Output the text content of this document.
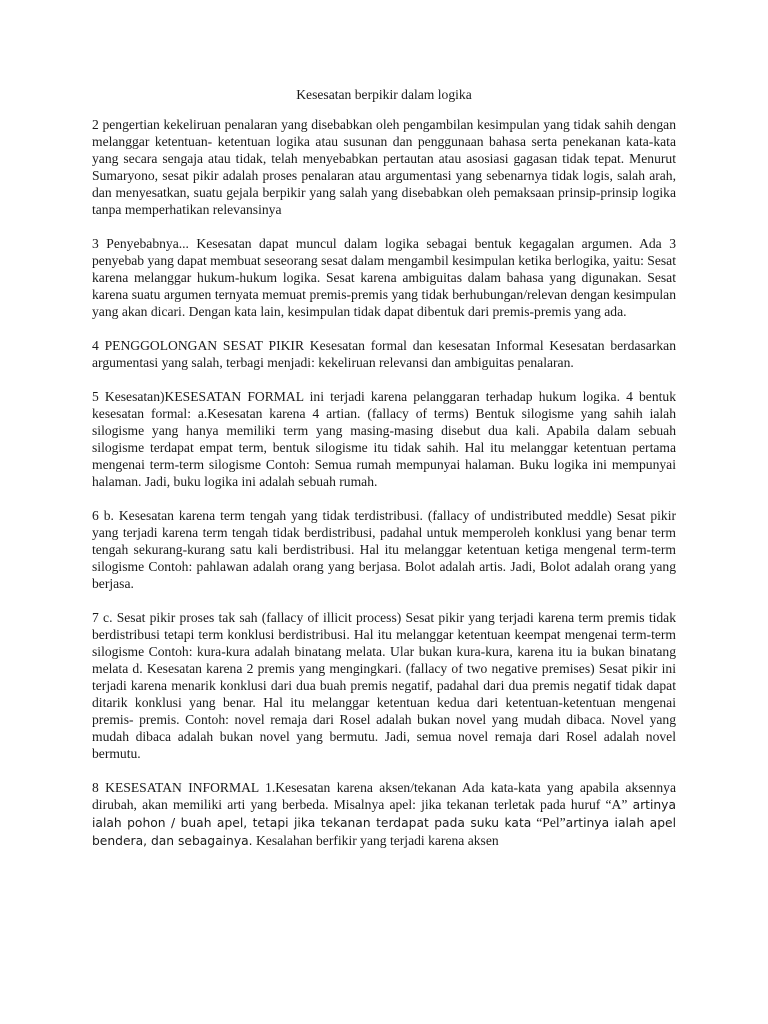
Kesesatan berpikir dalam logika

2 pengertian kekeliruan penalaran yang disebabkan oleh pengambilan kesimpulan yang tidak sahih dengan melanggar ketentuan- ketentuan logika atau susunan dan penggunaan bahasa serta penekanan kata-kata yang secara sengaja atau tidak, telah menyebabkan pertautan atau asosiasi gagasan tidak tepat. Menurut Sumaryono, sesat pikir adalah proses penalaran atau argumentasi yang sebenarnya tidak logis, salah arah, dan menyesatkan, suatu gejala berpikir yang salah yang disebabkan oleh pemaksaan prinsip-prinsip logika tanpa memperhatikan relevansinya

3 Penyebabnya... Kesesatan dapat muncul dalam logika sebagai bentuk kegagalan argumen. Ada 3 penyebab yang dapat membuat seseorang sesat dalam mengambil kesimpulan ketika berlogika, yaitu: Sesat karena melanggar hukum-hukum logika. Sesat karena ambiguitas dalam bahasa yang digunakan. Sesat karena suatu argumen ternyata memuat premis-premis yang tidak berhubungan/relevan dengan kesimpulan yang akan dicari. Dengan kata lain, kesimpulan tidak dapat dibentuk dari premis-premis yang ada.

4 PENGGOLONGAN SESAT PIKIR Kesesatan formal dan kesesatan Informal Kesesatan berdasarkan argumentasi yang salah, terbagi menjadi: kekeliruan relevansi dan ambiguitas penalaran.

5 Kesesatan)KESESATAN FORMAL ini terjadi karena pelanggaran terhadap hukum logika. 4 bentuk kesesatan formal: a.Kesesatan karena 4 artian. (fallacy of terms) Bentuk silogisme yang sahih ialah silogisme yang hanya memiliki term yang masing-masing disebut dua kali. Apabila dalam sebuah silogisme terdapat empat term, bentuk silogisme itu tidak sahih. Hal itu melanggar ketentuan pertama mengenai term-term silogisme Contoh: Semua rumah mempunyai halaman. Buku logika ini mempunyai halaman. Jadi, buku logika ini adalah sebuah rumah.

6 b. Kesesatan karena term tengah yang tidak terdistribusi. (fallacy of undistributed meddle) Sesat pikir yang terjadi karena term tengah tidak berdistribusi, padahal untuk memperoleh konklusi yang benar term tengah sekurang-kurang satu kali berdistribusi. Hal itu melanggar ketentuan ketiga mengenal term-term silogisme Contoh: pahlawan adalah orang yang berjasa. Bolot adalah artis. Jadi, Bolot adalah orang yang berjasa.

7 c. Sesat pikir proses tak sah (fallacy of illicit process) Sesat pikir yang terjadi karena term premis tidak berdistribusi tetapi term konklusi berdistribusi. Hal itu melanggar ketentuan keempat mengenai term-term silogisme Contoh: kura-kura adalah binatang melata. Ular bukan kura-kura, karena itu ia bukan binatang melata d. Kesesatan karena 2 premis yang mengingkari. (fallacy of two negative premises) Sesat pikir ini terjadi karena menarik konklusi dari dua buah premis negatif, padahal dari dua premis negatif tidak dapat ditarik konklusi yang benar. Hal itu melanggar ketentuan kedua dari ketentuan-ketentuan mengenai premis- premis. Contoh: novel remaja dari Rosel adalah bukan novel yang mudah dibaca. Novel yang mudah dibaca adalah bukan novel yang bermutu. Jadi, semua novel remaja dari Rosel adalah novel bermutu.

8 KESESATAN INFORMAL 1.Kesesatan karena aksen/tekanan Ada kata-kata yang apabila aksennya dirubah, akan memiliki arti yang berbeda. Misalnya apel: jika tekanan terletak pada huruf “A” artinya ialah pohon / buah apel, tetapi jika tekanan terdapat pada suku kata “Pel”artinya ialah apel bendera, dan sebagainya. Kesalahan berfikir yang terjadi karena aksen
